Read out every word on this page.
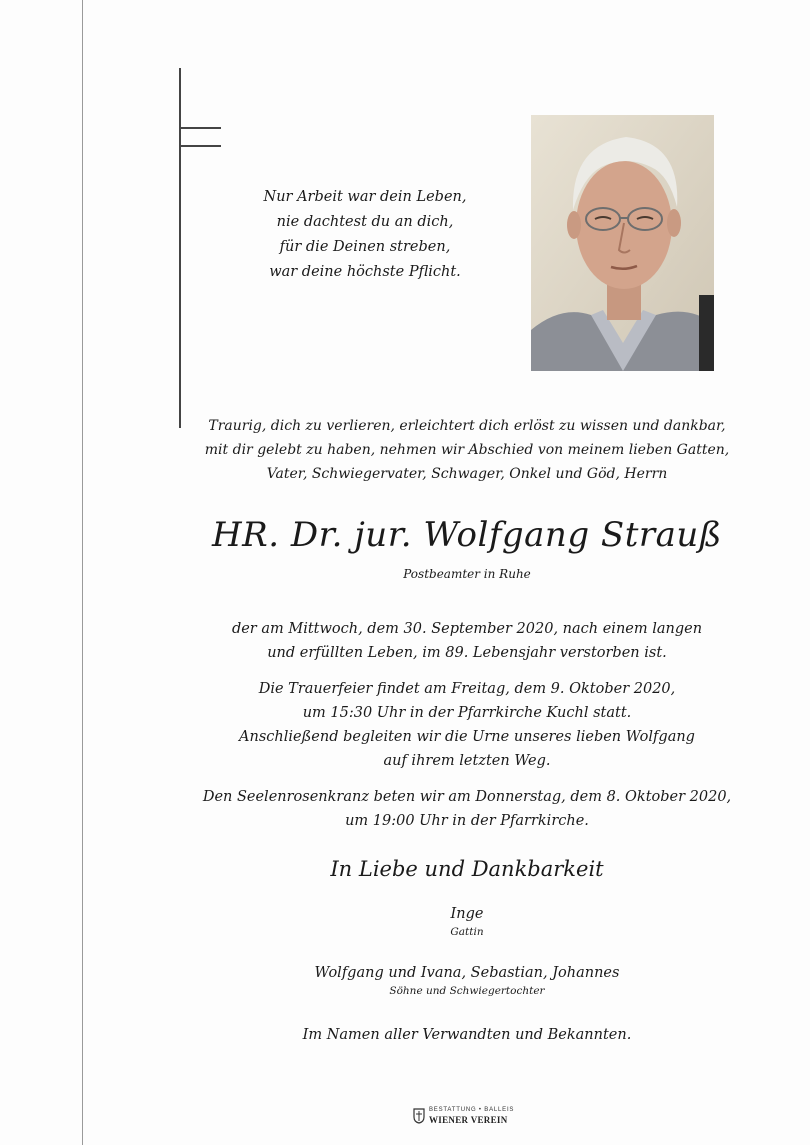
Nur Arbeit war dein Leben,
nie dachtest du an dich,
für die Deinen streben,
war deine höchste Pflicht.
Traurig, dich zu verlieren, erleichtert dich erlöst zu wissen und dankbar,
mit dir gelebt zu haben, nehmen wir Abschied von meinem lieben Gatten,
Vater, Schwiegervater, Schwager, Onkel und Göd, Herrn
HR. Dr. jur. Wolfgang Strauß
Postbeamter in Ruhe
der am Mittwoch, dem 30. September 2020, nach einem langen
und erfüllten Leben, im 89. Lebensjahr verstorben ist.
Die Trauerfeier findet am Freitag, dem 9. Oktober 2020,
um 15:30 Uhr in der Pfarrkirche Kuchl statt.
Anschließend begleiten wir die Urne unseres lieben Wolfgang
auf ihrem letzten Weg.
Den Seelenrosenkranz beten wir am Donnerstag, dem 8. Oktober 2020,
um 19:00 Uhr in der Pfarrkirche.
In Liebe und Dankbarkeit
Inge
Gattin
Wolfgang und Ivana, Sebastian, Johannes
Söhne und Schwiegertochter
Im Namen aller Verwandten und Bekannten.
BESTATTUNG • BALLEIS
WIENER VEREIN
